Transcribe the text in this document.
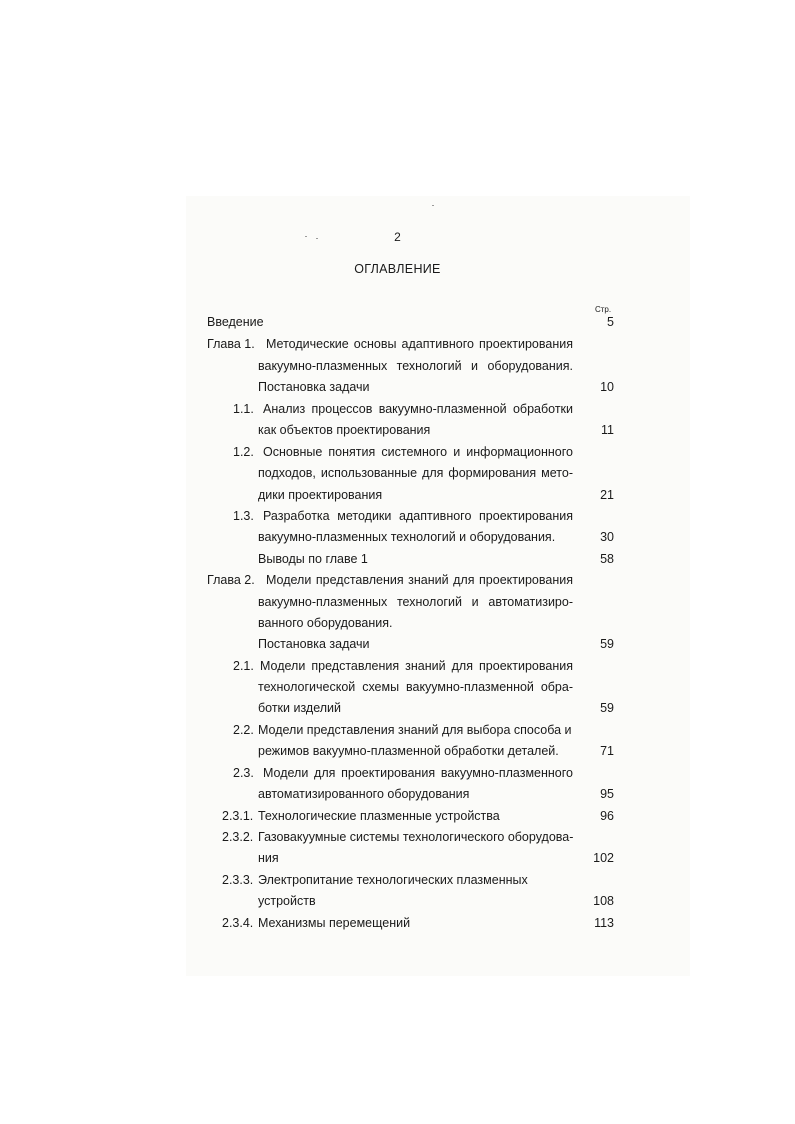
2
ОГЛАВЛЕНИЕ
Стр.
Введение	5
Глава 1. Методические основы адаптивного проектирования
вакуумно-плазменных технологий и оборудования.
Постановка задачи	10
1.1. Анализ процессов вакуумно-плазменной обработки
как объектов проектирования	11
1.2. Основные понятия системного и информационного
подходов, использованные для формирования мето-
дики проектирования	21
1.3. Разработка методики адаптивного проектирования
вакуумно-плазменных технологий и оборудования.	30
Выводы по главе 1	58
Глава 2. Модели представления знаний для проектирования
вакуумно-плазменных технологий и автоматизиро-
ванного оборудования.
Постановка задачи	59
2.1. Модели представления знаний для проектирования
технологической схемы вакуумно-плазменной обра-
ботки изделий	59
2.2. Модели представления знаний для выбора способа и
режимов вакуумно-плазменной обработки деталей.	71
2.3. Модели для проектирования вакуумно-плазменного
автоматизированного оборудования	95
2.3.1. Технологические плазменные устройства	96
2.3.2. Газовакуумные системы технологического оборудова-
ния	102
2.3.3. Электропитание технологических плазменных
устройств	108
2.3.4. Механизмы перемещений	113
